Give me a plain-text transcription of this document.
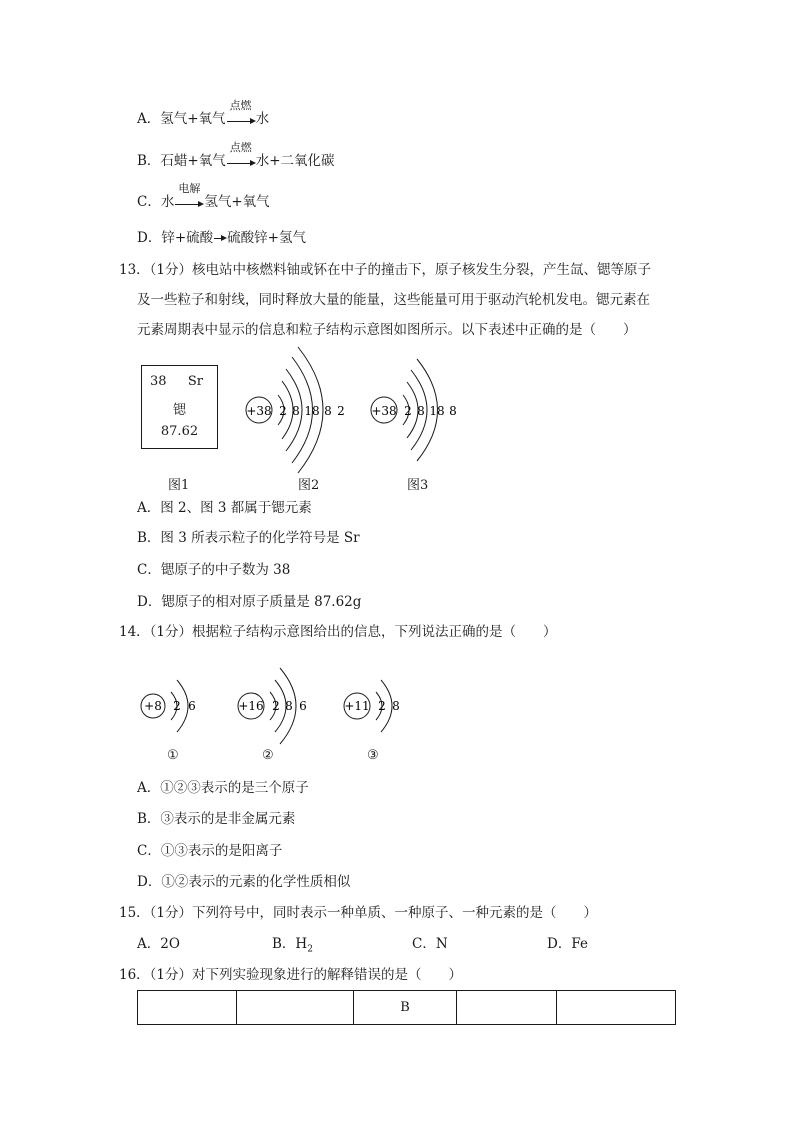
A．氢气+氧气
点燃
水
B．石蜡+氧气
点燃
水+二氧化碳
C．水
电解
氢气+氧气
D．锌+硫酸 硫酸锌+氢气
13．（1分）核电站中核燃料铀或钚在中子的撞击下，原子核发生分裂，产生氙、锶等原子
及一些粒子和射线，同时释放大量的能量，这些能量可用于驱动汽轮机发电。锶元素在
元素周期表中显示的信息和粒子结构示意图如图所示。以下表述中正确的是（　　）
38 Sr
锶
87.62
+38 2 8 18 8 2 +38 2 8 18 8
图1	图2	图3
A．图 2、图 3 都属于锶元素
B．图 3 所表示粒子的化学符号是 Sr
C．锶原子的中子数为 38
D．锶原子的相对原子质量是 87.62g
14．（1分）根据粒子结构示意图给出的信息，下列说法正确的是（　　）
+8 2 6	+16 2 8 6	+11 2 8
①	②	③
A．①②③表示的是三个原子
B．③表示的是非金属元素
C．①③表示的是阳离子
D．①②表示的元素的化学性质相似
15．（1分）下列符号中，同时表示一种单质、一种原子、一种元素的是（　　）
A．2O	B．$H_2$	C．N	D．Fe
16．（1分）对下列实验现象进行的解释错误的是（　　）
		B		
